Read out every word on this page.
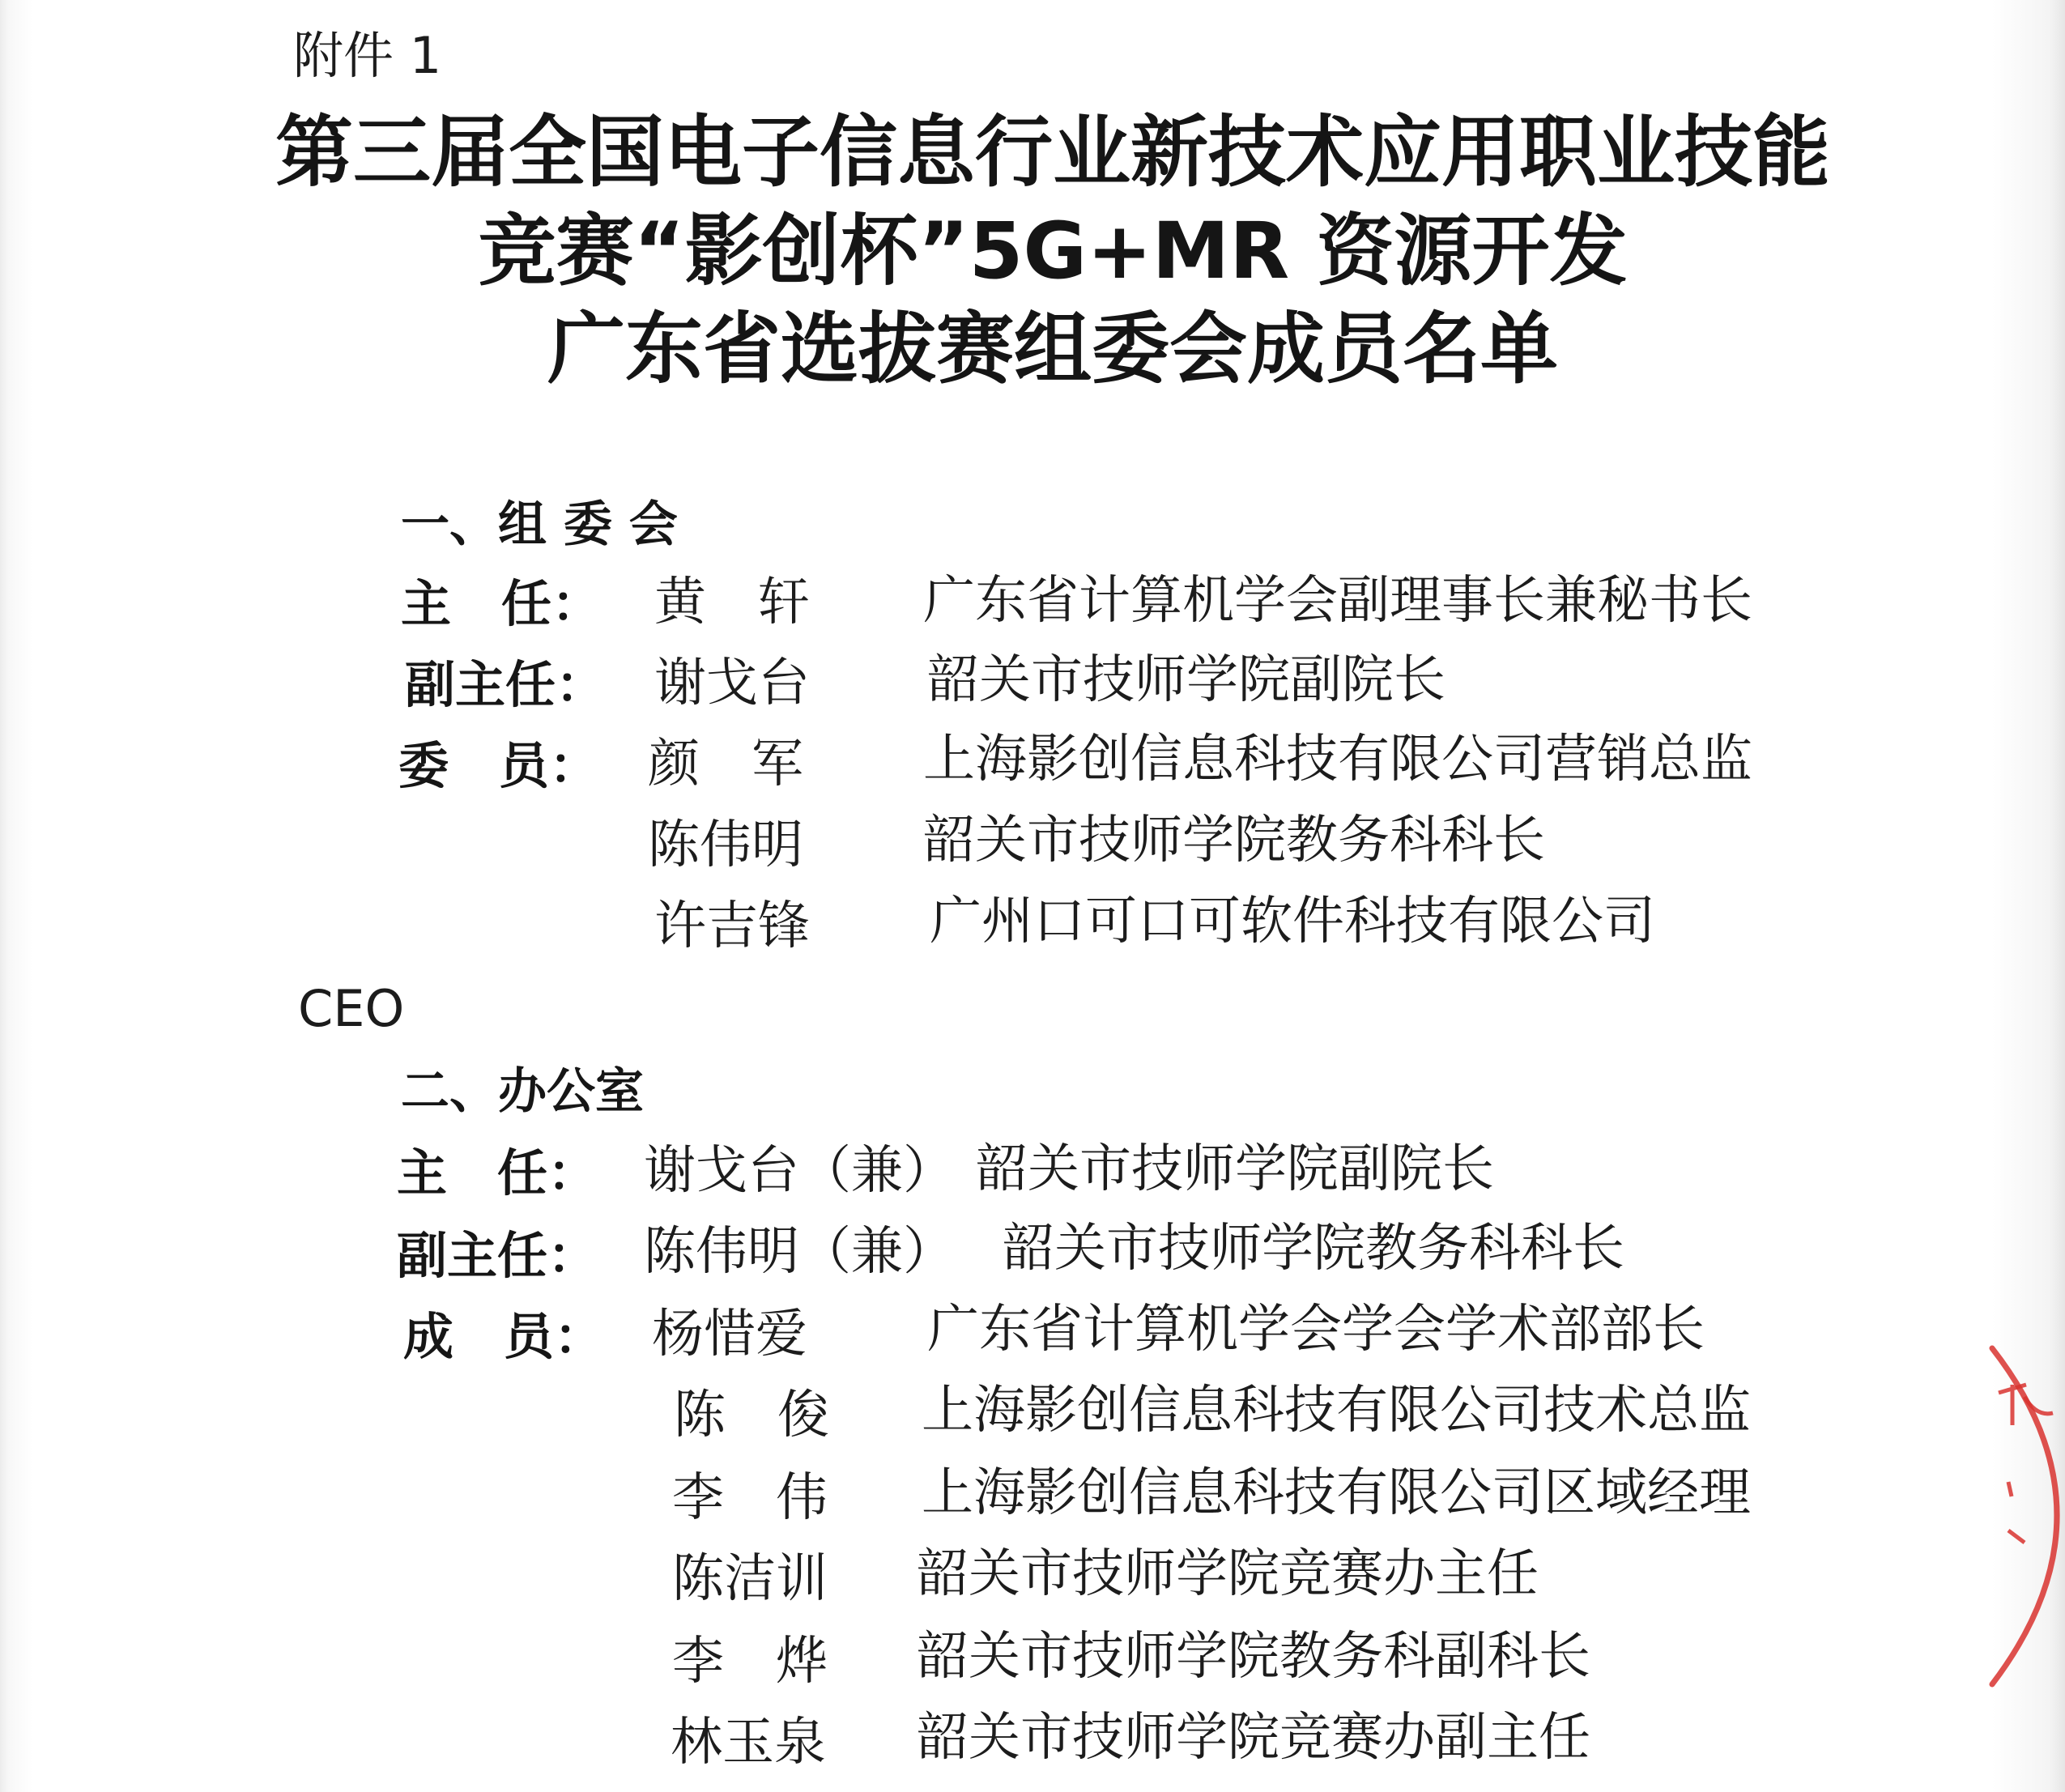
附件 1
第三届全国电子信息行业新技术应用职业技能
竞赛“影创杯”5G+MR 资源开发
广东省选拔赛组委会成员名单
一、组 委 会
主　任： 黄　轩 广东省计算机学会副理事长兼秘书长
副主任： 谢戈台 韶关市技师学院副院长
委　员： 颜　军 上海影创信息科技有限公司营销总监
陈伟明 韶关市技师学院教务科科长
许吉锋 广州口可口可软件科技有限公司
CEO
二、办公室
主　任： 谢戈台（兼） 韶关市技师学院副院长
副主任： 陈伟明（兼） 韶关市技师学院教务科科长
成　员： 杨惜爱 广东省计算机学会学会学术部部长
陈　俊 上海影创信息科技有限公司技术总监
李　伟 上海影创信息科技有限公司区域经理
陈洁训 韶关市技师学院竞赛办主任
李　烨 韶关市技师学院教务科副科长
林玉泉 韶关市技师学院竞赛办副主任
